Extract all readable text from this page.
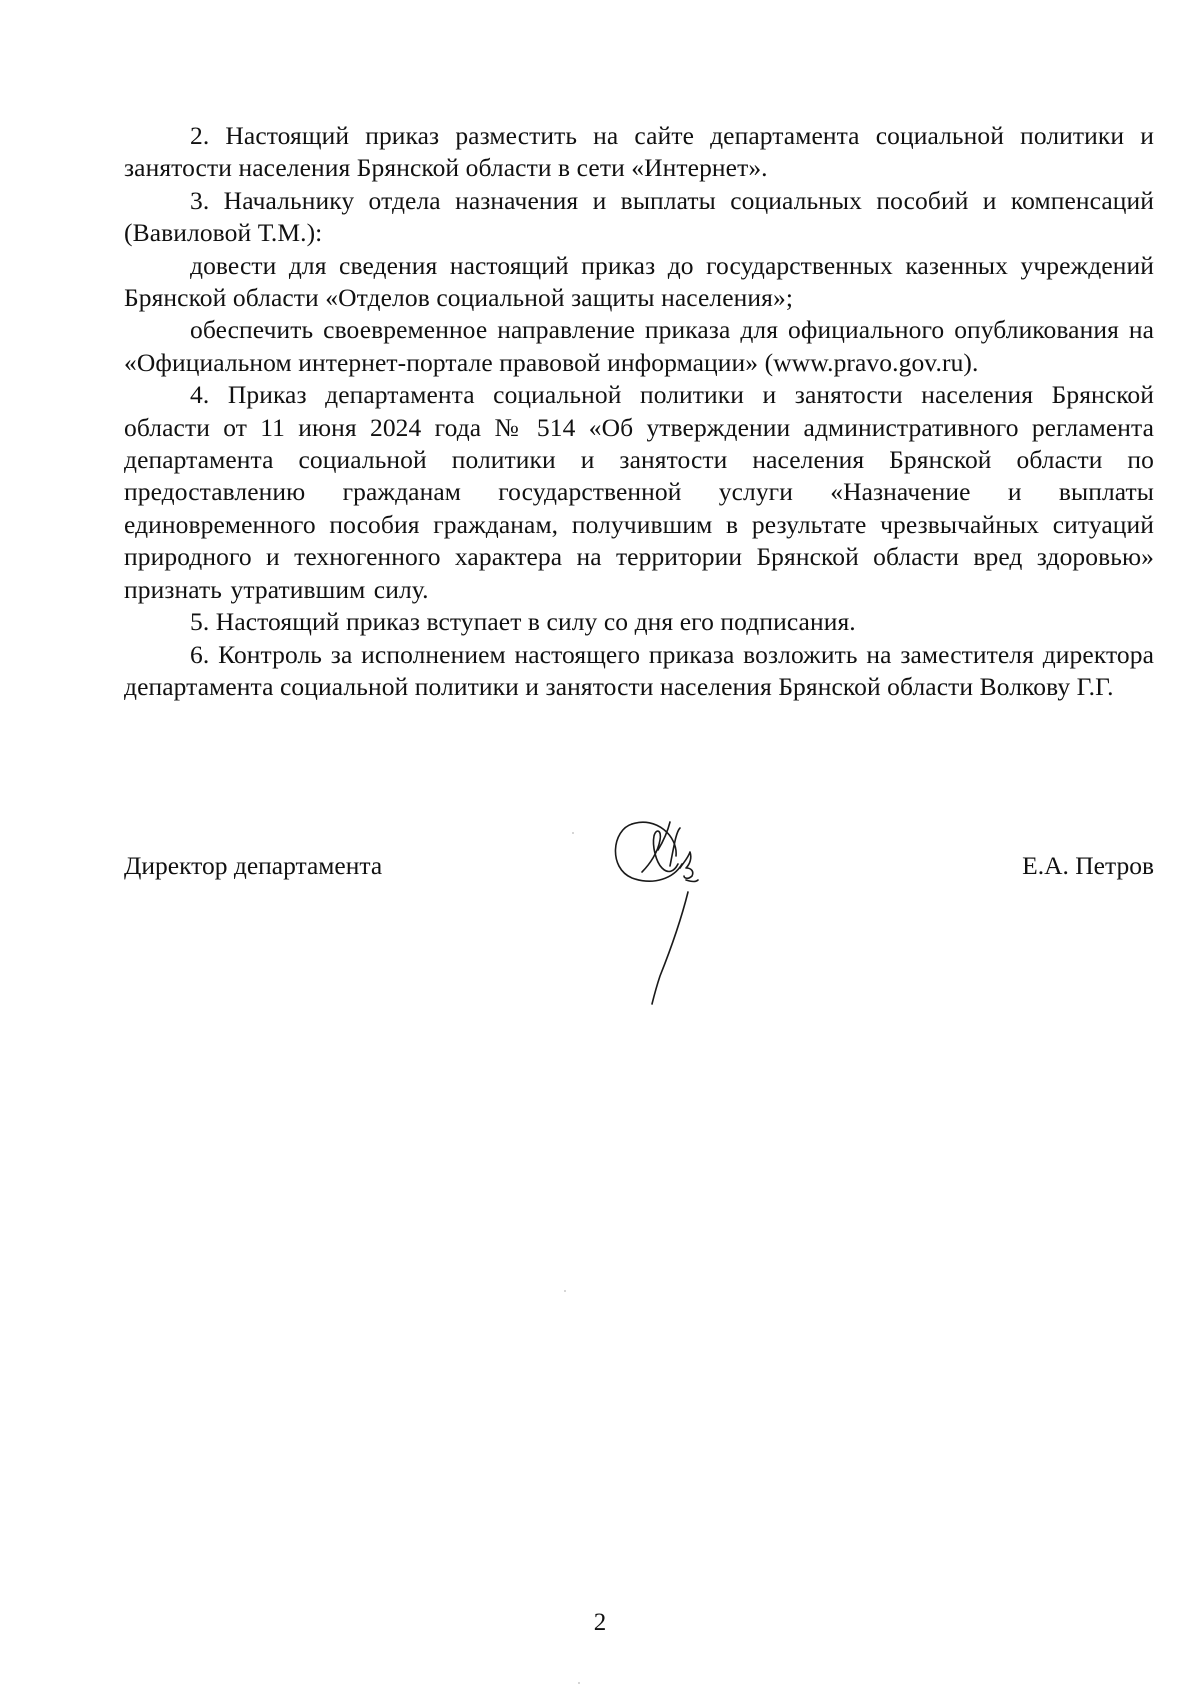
2. Настоящий приказ разместить на сайте департамента социальной политики и занятости населения Брянской области в сети «Интернет».

3. Начальнику отдела назначения и выплаты социальных пособий и компенсаций (Вавиловой Т.М.):

довести для сведения настоящий приказ до государственных казенных учреждений Брянской области «Отделов социальной защиты населения»;

обеспечить своевременное направление приказа для официального опубликования на «Официальном интернет-портале правовой информации» (www.pravo.gov.ru).

4. Приказ департамента социальной политики и занятости населения Брянской области от 11 июня 2024 года № 514 «Об утверждении административного регламента департамента социальной политики и занятости населения Брянской области по предоставлению гражданам государственной услуги «Назначение и выплаты единовременного пособия гражданам, получившим в результате чрезвычайных ситуаций природного и техногенного характера на территории Брянской области вред здоровью» признать утратившим силу.

5. Настоящий приказ вступает в силу со дня его подписания.

6. Контроль за исполнением настоящего приказа возложить на заместителя директора департамента социальной политики и занятости населения Брянской области Волкову Г.Г.

Директор департамента	Е.А. Петров
2
